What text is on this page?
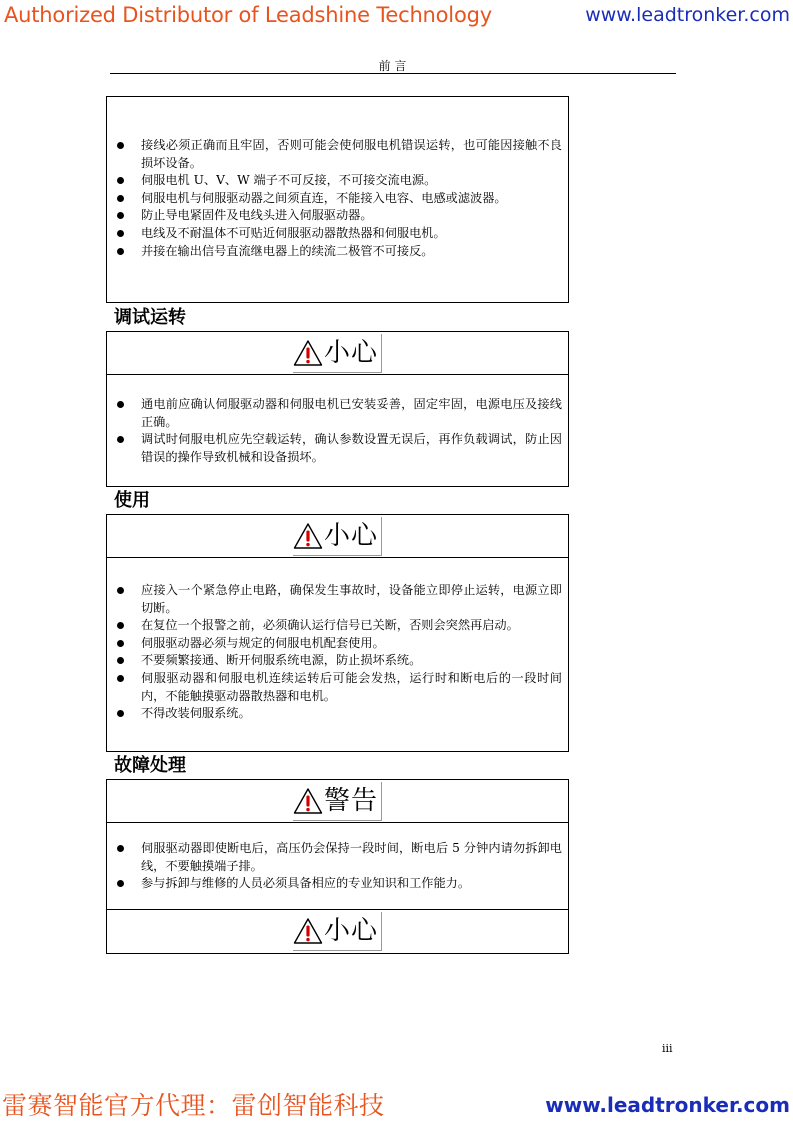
Authorized Distributor of Leadshine Technology	www.leadtronker.com
前 言
接线必须正确而且牢固，否则可能会使伺服电机错误运转，也可能因接触不良损坏设备。
伺服电机 U、V、W 端子不可反接，不可接交流电源。
伺服电机与伺服驱动器之间须直连，不能接入电容、电感或滤波器。
防止导电紧固件及电线头进入伺服驱动器。
电线及不耐温体不可贴近伺服驱动器散热器和伺服电机。
并接在输出信号直流继电器上的续流二极管不可接反。
调试运转
小心
通电前应确认伺服驱动器和伺服电机已安装妥善，固定牢固，电源电压及接线正确。
调试时伺服电机应先空载运转，确认参数设置无误后，再作负载调试，防止因错误的操作导致机械和设备损坏。
使用
小心
应接入一个紧急停止电路，确保发生事故时，设备能立即停止运转，电源立即切断。
在复位一个报警之前，必须确认运行信号已关断，否则会突然再启动。
伺服驱动器必须与规定的伺服电机配套使用。
不要频繁接通、断开伺服系统电源，防止损坏系统。
伺服驱动器和伺服电机连续运转后可能会发热，运行时和断电后的一段时间内，不能触摸驱动器散热器和电机。
不得改装伺服系统。
故障处理
警告
伺服驱动器即使断电后，高压仍会保持一段时间，断电后 5 分钟内请勿拆卸电线，不要触摸端子排。
参与拆卸与维修的人员必须具备相应的专业知识和工作能力。
小心
iii
雷赛智能官方代理：雷创智能科技	www.leadtronker.com
